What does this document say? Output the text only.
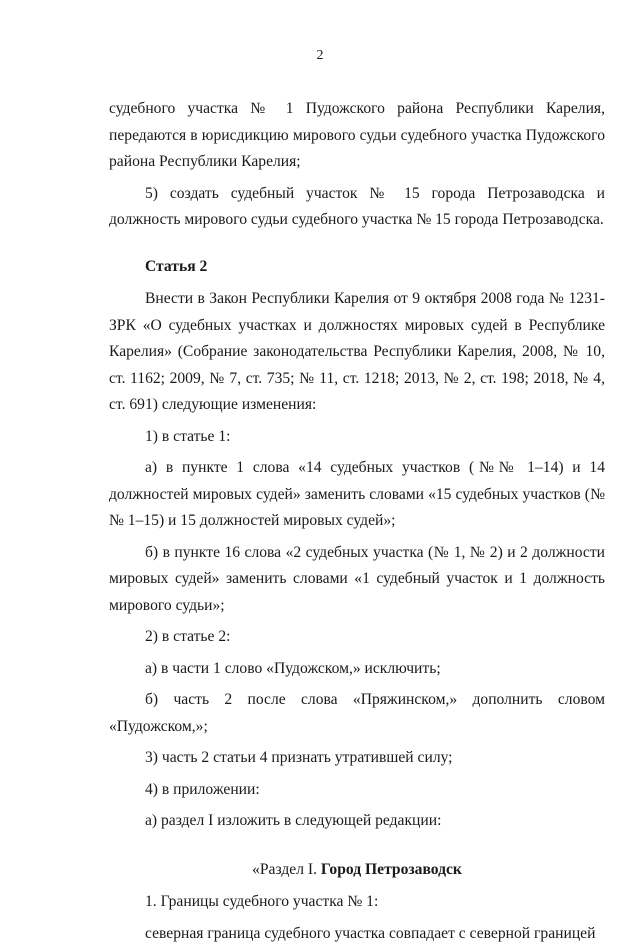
2

судебного участка № 1 Пудожского района Республики Карелия, передаются в юрисдикцию мирового судьи судебного участка Пудожского района Республики Карелия;

5) создать судебный участок № 15 города Петрозаводска и должность мирового судьи судебного участка № 15 города Петрозаводска.

Статья 2

Внести в Закон Республики Карелия от 9 октября 2008 года № 1231-ЗРК «О судебных участках и должностях мировых судей в Республике Карелия» (Собрание законодательства Республики Карелия, 2008, № 10, ст. 1162; 2009, № 7, ст. 735; № 11, ст. 1218; 2013, № 2, ст. 198; 2018, № 4, ст. 691) следующие изменения:

1) в статье 1:

а) в пункте 1 слова «14 судебных участков (№№ 1–14) и 14 должностей мировых судей» заменить словами «15 судебных участков (№№ 1–15) и 15 должностей мировых судей»;

б) в пункте 16 слова «2 судебных участка (№ 1, № 2) и 2 должности мировых судей» заменить словами «1 судебный участок и 1 должность мирового судьи»;

2) в статье 2:

а) в части 1 слово «Пудожском,» исключить;

б) часть 2 после слова «Пряжинском,» дополнить словом «Пудожском,»;

3) часть 2 статьи 4 признать утратившей силу;

4) в приложении:

а) раздел I изложить в следующей редакции:

«Раздел I. Город Петрозаводск

1. Границы судебного участка № 1:

северная граница судебного участка совпадает с северной границей
